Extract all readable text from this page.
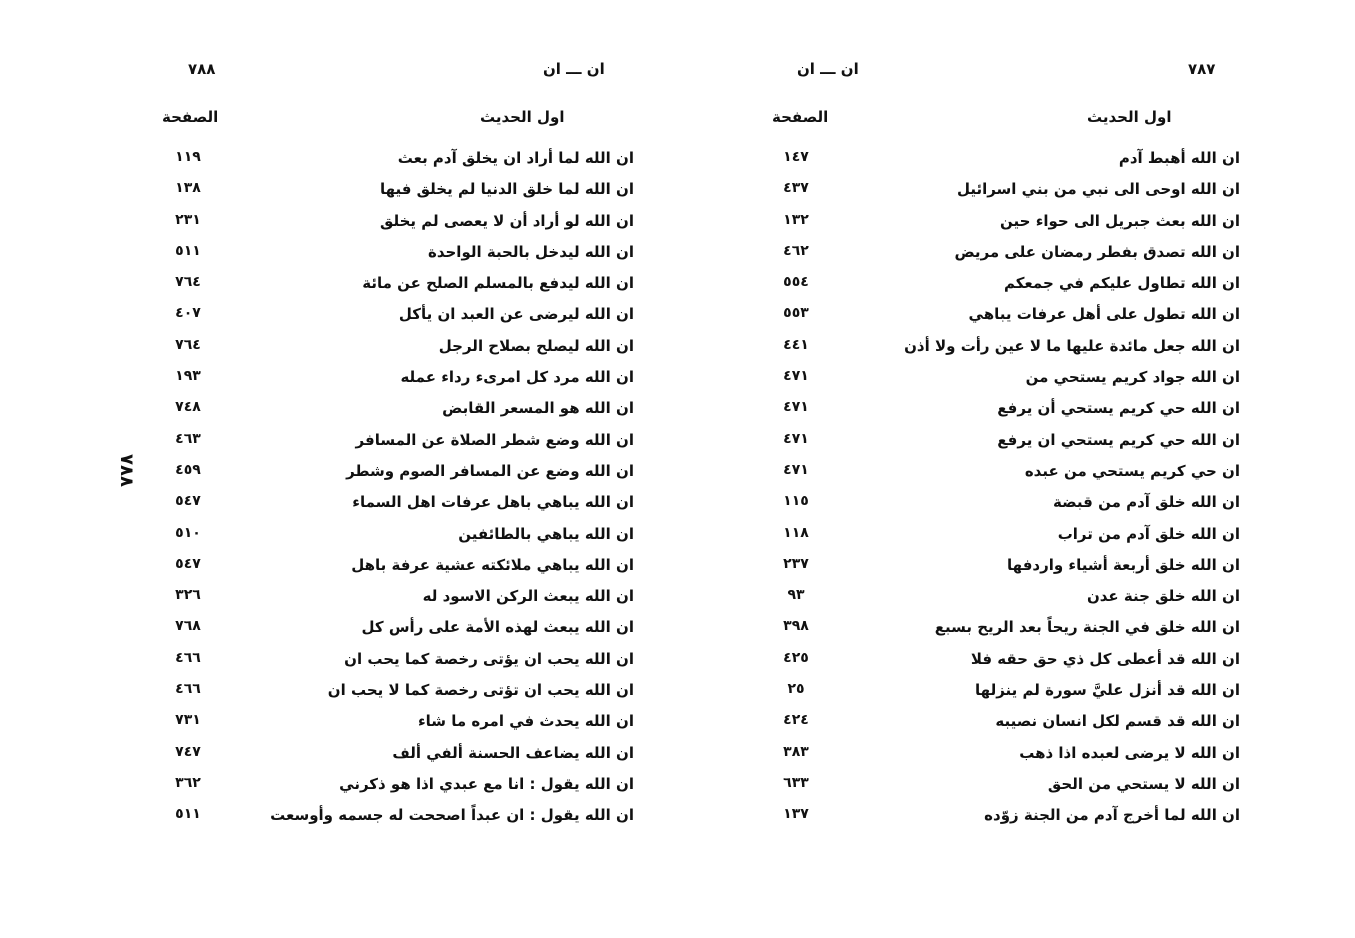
٧٨٨	ان ـــ ان
اول الحديث
الصفحة
ان الله لما أراد ان يخلق آدم بعث
١١٩
ان الله لما خلق الدنيا لم يخلق فيها
١٣٨
ان الله لو أراد أن لا يعصى لم يخلق
٢٣١
ان الله ليدخل بالحبة الواحدة
٥١١
ان الله ليدفع بالمسلم الصلح عن مائة
٧٦٤
ان الله ليرضى عن العبد ان يأكل
٤٠٧
ان الله ليصلح بصلاح الرجل
٧٦٤
ان الله مرد كل امرىء رداء عمله
١٩٣
ان الله هو المسعر القابض
٧٤٨
ان الله وضع شطر الصلاة عن المسافر
٤٦٣
ان الله وضع عن المسافر الصوم وشطر
٤٥٩
ان الله يباهي باهل عرفات اهل السماء
٥٤٧
ان الله يباهي بالطائفين
٥١٠
ان الله يباهي ملائكته عشية عرفة باهل
٥٤٧
ان الله يبعث الركن الاسود له
٣٢٦
ان الله يبعث لهذه الأمة على رأس كل
٧٦٨
ان الله يحب ان يؤتى رخصة كما يحب ان
٤٦٦
ان الله يحب ان تؤتى رخصة كما لا يحب ان
٤٦٦
ان الله يحدث في امره ما شاء
٧٣١
ان الله يضاعف الحسنة ألفي ألف
٧٤٧
ان الله يقول : انا مع عبدي اذا هو ذكرني
٣٦٢
ان الله يقول : ان عبداً اصححت له جسمه وأوسعت
٥١١
٧٨٨
٧٨٧
ان ـــ ان
اول الحديث
الصفحة
ان الله أهبط آدم
١٤٧
ان الله اوحى الى نبي من بني اسرائيل
٤٣٧
ان الله بعث جبريل الى حواء حين
١٣٢
ان الله تصدق بفطر رمضان على مريض
٤٦٢
ان الله تطاول عليكم في جمعكم
٥٥٤
ان الله تطول على أهل عرفات يباهي
٥٥٣
ان الله جعل مائدة عليها ما لا عين رأت ولا أذن
٤٤١
ان الله جواد كريم يستحي من
٤٧١
ان الله حي كريم يستحي أن يرفع
٤٧١
ان الله حي كريم يستحي ان يرفع
٤٧١
ان حي كريم يستحي من عبده
٤٧١
ان الله خلق آدم من قبضة
١١٥
ان الله خلق آدم من تراب
١١٨
ان الله خلق أربعة أشياء واردفها
٢٣٧
ان الله خلق جنة عدن
٩٣
ان الله خلق في الجنة ريحاً بعد الريح بسبع
٣٩٨
ان الله قد أعطى كل ذي حق حقه فلا
٤٢٥
ان الله قد أنزل عليَّ سورة لم ينزلها
٢٥
ان الله قد قسم لكل انسان نصيبه
٤٢٤
ان الله لا يرضى لعبده اذا ذهب
٣٨٣
ان الله لا يستحي من الحق
٦٣٣
ان الله لما أخرج آدم من الجنة زوّده
١٣٧
